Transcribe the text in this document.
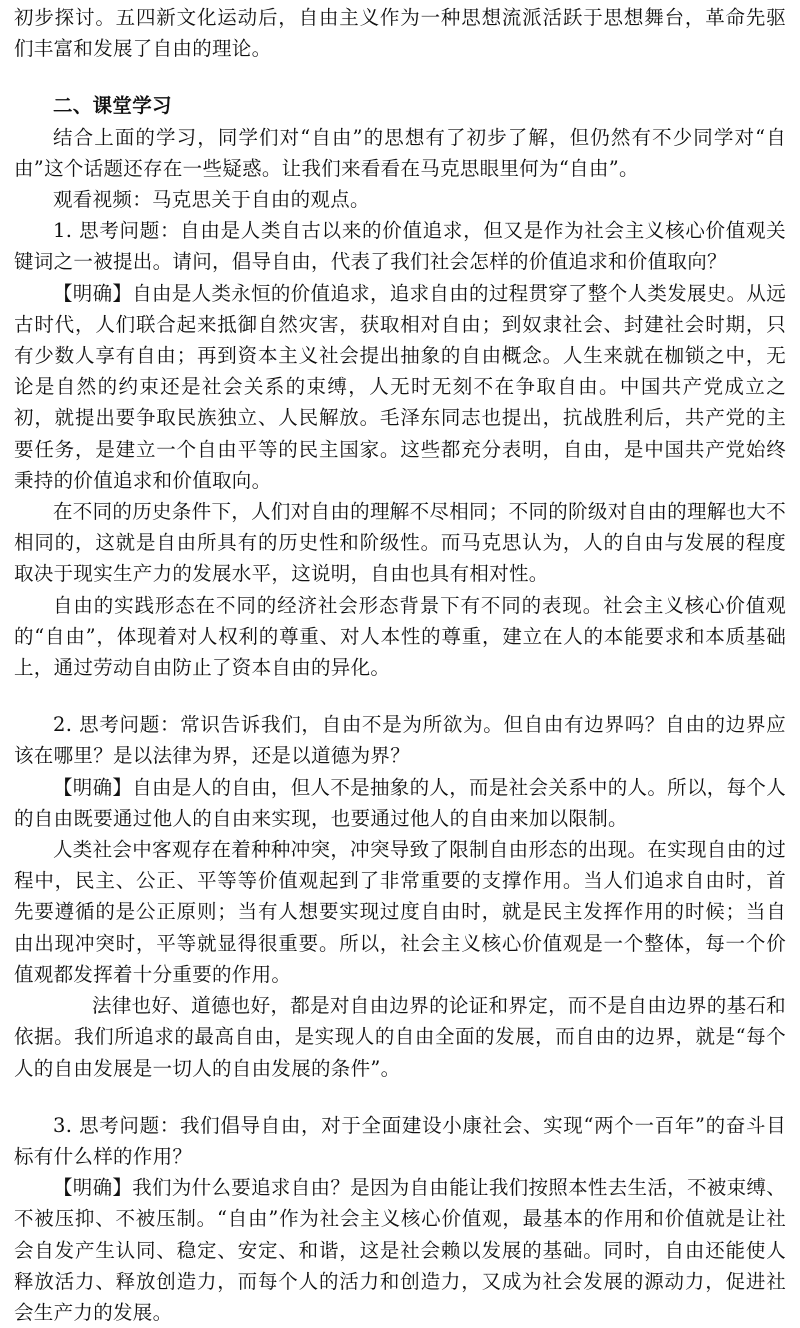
初步探讨。五四新文化运动后，自由主义作为一种思想流派活跃于思想舞台，革命先驱们丰富和发展了自由的理论。

二、课堂学习

结合上面的学习，同学们对“自由”的思想有了初步了解，但仍然有不少同学对“自由”这个话题还存在一些疑惑。让我们来看看在马克思眼里何为“自由”。

观看视频：马克思关于自由的观点。

1. 思考问题：自由是人类自古以来的价值追求，但又是作为社会主义核心价值观关键词之一被提出。请问，倡导自由，代表了我们社会怎样的价值追求和价值取向？

【明确】自由是人类永恒的价值追求，追求自由的过程贯穿了整个人类发展史。从远古时代，人们联合起来抵御自然灾害，获取相对自由；到奴隶社会、封建社会时期，只有少数人享有自由；再到资本主义社会提出抽象的自由概念。人生来就在枷锁之中，无论是自然的约束还是社会关系的束缚，人无时无刻不在争取自由。中国共产党成立之初，就提出要争取民族独立、人民解放。毛泽东同志也提出，抗战胜利后，共产党的主要任务，是建立一个自由平等的民主国家。这些都充分表明，自由，是中国共产党始终秉持的价值追求和价值取向。

在不同的历史条件下，人们对自由的理解不尽相同；不同的阶级对自由的理解也大不相同的，这就是自由所具有的历史性和阶级性。而马克思认为，人的自由与发展的程度取决于现实生产力的发展水平，这说明，自由也具有相对性。

自由的实践形态在不同的经济社会形态背景下有不同的表现。社会主义核心价值观的“自由”，体现着对人权利的尊重、对人本性的尊重，建立在人的本能要求和本质基础上，通过劳动自由防止了资本自由的异化。

2. 思考问题：常识告诉我们，自由不是为所欲为。但自由有边界吗？自由的边界应该在哪里？是以法律为界，还是以道德为界？

【明确】自由是人的自由，但人不是抽象的人，而是社会关系中的人。所以，每个人的自由既要通过他人的自由来实现，也要通过他人的自由来加以限制。

人类社会中客观存在着种种冲突，冲突导致了限制自由形态的出现。在实现自由的过程中，民主、公正、平等等价值观起到了非常重要的支撑作用。当人们追求自由时，首先要遵循的是公正原则；当有人想要实现过度自由时，就是民主发挥作用的时候；当自由出现冲突时，平等就显得很重要。所以，社会主义核心价值观是一个整体，每一个价值观都发挥着十分重要的作用。

法律也好、道德也好，都是对自由边界的论证和界定，而不是自由边界的基石和依据。我们所追求的最高自由，是实现人的自由全面的发展，而自由的边界，就是“每个人的自由发展是一切人的自由发展的条件”。

3. 思考问题：我们倡导自由，对于全面建设小康社会、实现“两个一百年”的奋斗目标有什么样的作用？

【明确】我们为什么要追求自由？是因为自由能让我们按照本性去生活，不被束缚、不被压抑、不被压制。“自由”作为社会主义核心价值观，最基本的作用和价值就是让社会自发产生认同、稳定、安定、和谐，这是社会赖以发展的基础。同时，自由还能使人释放活力、释放创造力，而每个人的活力和创造力，又成为社会发展的源动力，促进社会生产力的发展。
